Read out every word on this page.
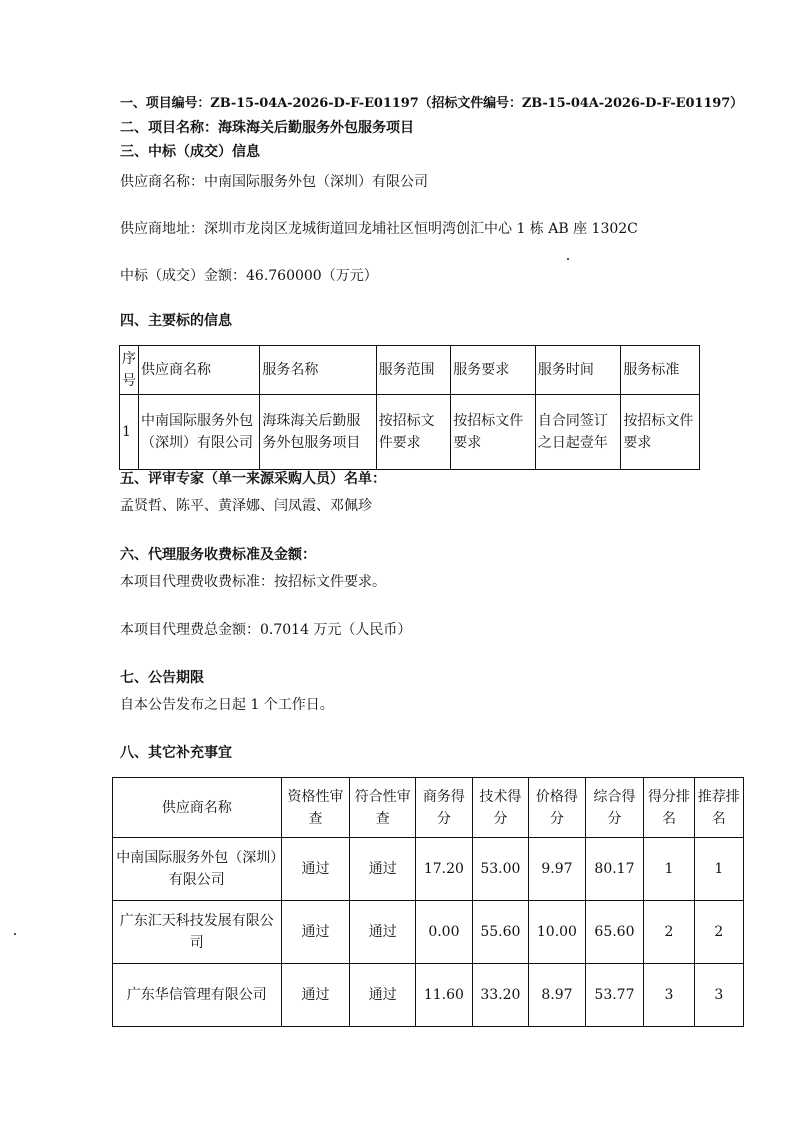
一、项目编号：ZB-15-04A-2026-D-F-E01197（招标文件编号：ZB-15-04A-2026-D-F-E01197）
二、项目名称：海珠海关后勤服务外包服务项目
三、中标（成交）信息
供应商名称：中南国际服务外包（深圳）有限公司
供应商地址：深圳市龙岗区龙城街道回龙埔社区恒明湾创汇中心 1 栋 AB 座 1302C
中标（成交）金额：46.760000（万元）
四、主要标的信息
序号	供应商名称	服务名称	服务范围	服务要求	服务时间	服务标准
1	中南国际服务外包（深圳）有限公司	海珠海关后勤服务外包服务项目	按招标文件要求	按招标文件要求	自合同签订之日起壹年	按招标文件要求
五、评审专家（单一来源采购人员）名单：
孟贤哲、陈平、黄泽娜、闫凤霞、邓佩珍
六、代理服务收费标准及金额：
本项目代理费收费标准：按招标文件要求。
本项目代理费总金额：0.7014 万元（人民币）
七、公告期限
自本公告发布之日起 1 个工作日。
八、其它补充事宜
供应商名称	资格性审查	符合性审查	商务得分	技术得分	价格得分	综合得分	得分排名	推荐排名
中南国际服务外包（深圳）有限公司	通过	通过	17.20	53.00	9.97	80.17	1	1
广东汇天科技发展有限公司	通过	通过	0.00	55.60	10.00	65.60	2	2
广东华信管理有限公司	通过	通过	11.60	33.20	8.97	53.77	3	3
